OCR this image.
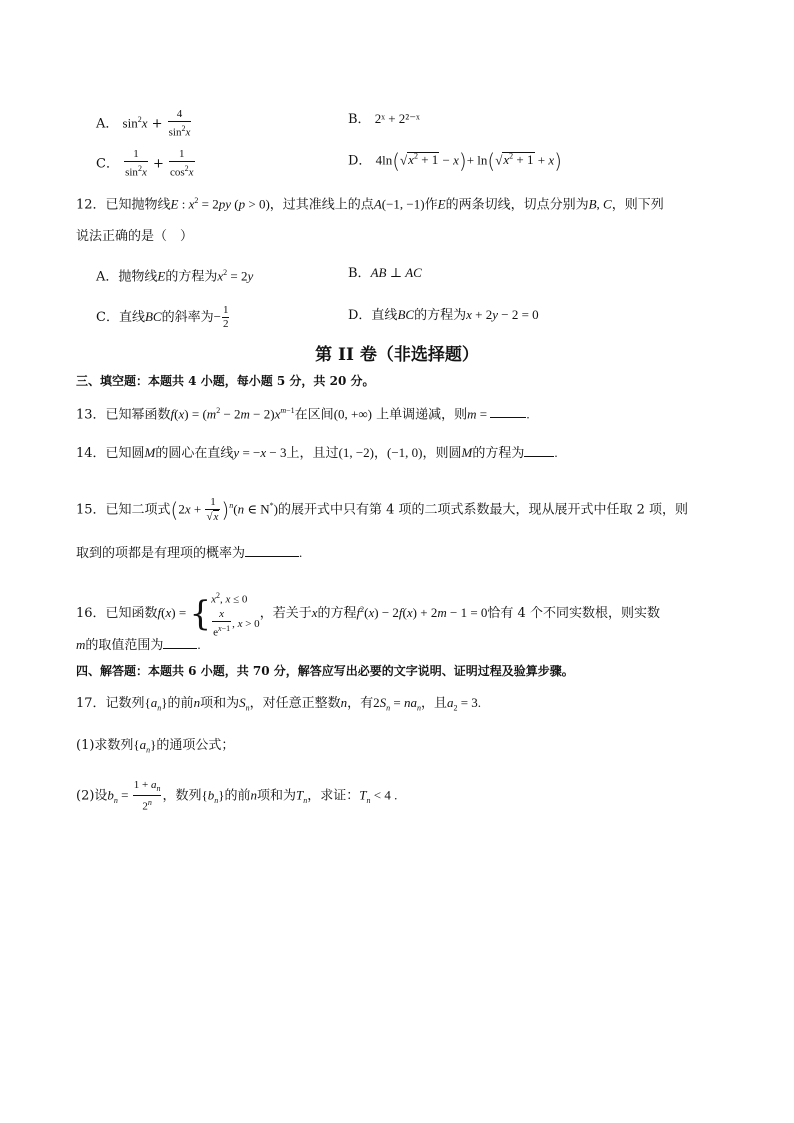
A． $\sin^2x + \frac{4}{\sin^2x}$	B． 2ˣ + 2²⁻ˣ
C． $\frac{1}{\sin^2x} + \frac{1}{\cos^2x}$	D． $4\ln(√x^2 + 1 - x)+ \ln(√x^2 + 1 + x)$
12．已知抛物线E : $x^2 = 2py$ (p > 0)，过其准线上的点A(−1, −1)作E的两条切线，切点分别为B, C，则下列
说法正确的是（　）
A．抛物线E的方程为$x^2 = 2y$	B．AB ⊥ AC
C．直线BC的斜率为− $\frac{1}{2}$	D．直线BC的方程为x + 2y − 2 = 0
第 II 卷（非选择题）
三、填空题：本题共 4 小题，每小题 5 分，共 20 分。
13．已知幂函数$f(x) = (m^2 - 2m - 2)x^{m-1}$在区间(0, +∞) 上单调递减，则m =	.
14．已知圆M的圆心在直线y = −x − 3上，且过(1, −2)，(−1, 0)，则圆M的方程为 .
15．已知二项式$(2x + \frac{1}{√x} )^n(n$ ∈ N*)的展开式中只有第 4 项的二项式系数最大，现从展开式中任取 2 项，则
取到的项都是有理项的概率为	.
16．已知函数f(x) = { $x^2$, x ≤ 0
$\frac{x}{e^{x-1}}$ , x > 0
，若关于x的方程$f^2(x) - 2f(x) + 2m - 1 = 0$恰有 4 个不同实数根，则实数
m的取值范围为	.
四、解答题：本题共 6 小题，共 70 分，解答应写出必要的文字说明、证明过程及验算步骤。
17．记数列$\{a_n\}$的前n项和为$S_n$，对任意正整数n，有$2S_n = na_n$，且$a_2 = 3$.
(1)求数列$\{a_n\}$的通项公式；
(2)设$b_n = \frac{1 + a_n}{2^n}$ ，数列$\{b_n\}$的前n项和为$T_n$，求证：$T_n < 4$ .
